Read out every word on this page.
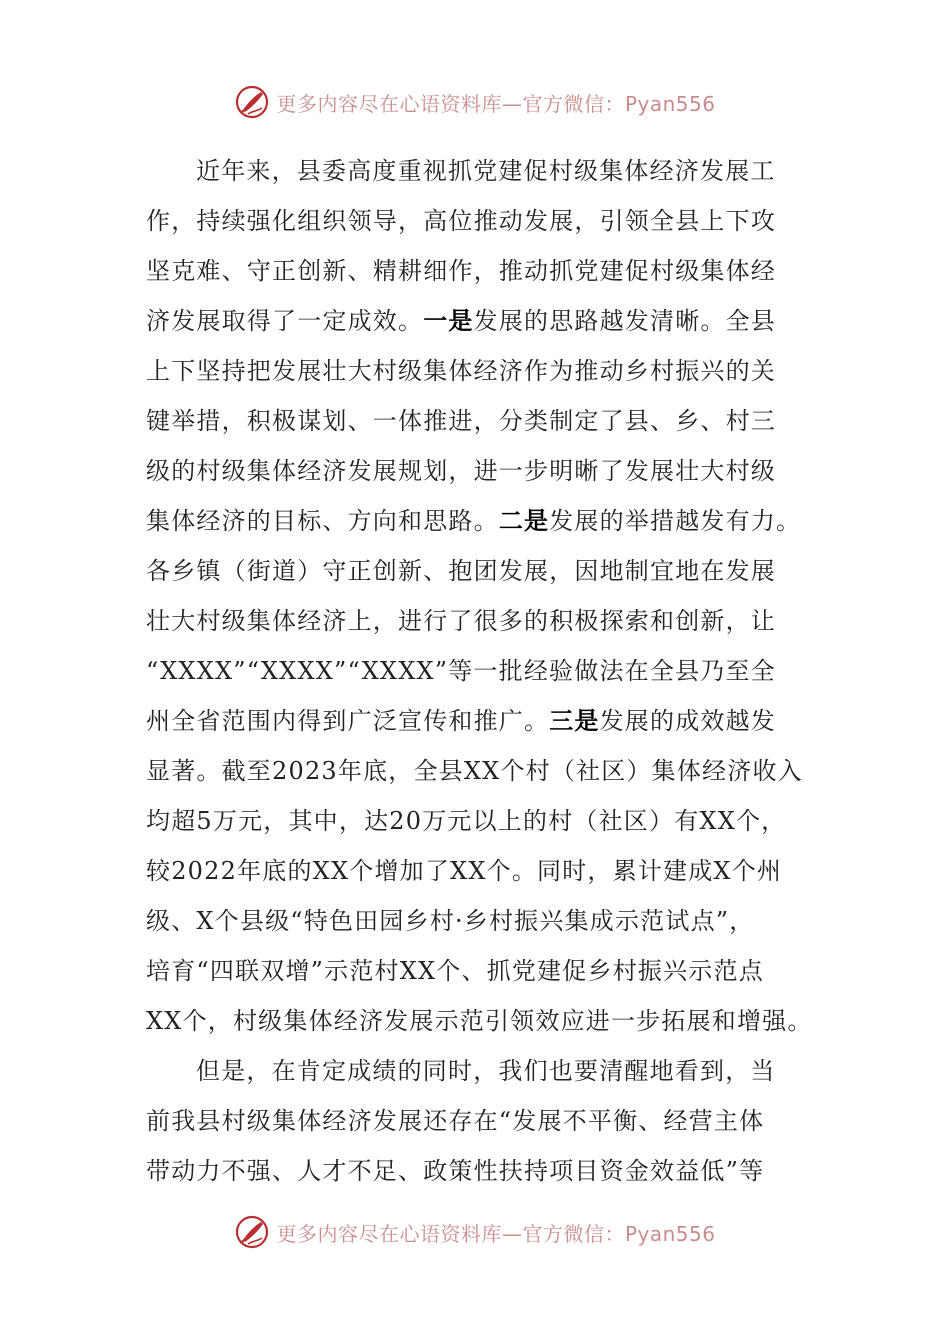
更多内容尽在心语资料库—官方微信：Pyan556
近年来，县委高度重视抓党建促村级集体经济发展工
作，持续强化组织领导，高位推动发展，引领全县上下攻
坚克难、守正创新、精耕细作，推动抓党建促村级集体经
济发展取得了一定成效。一是发展的思路越发清晰。全县
上下坚持把发展壮大村级集体经济作为推动乡村振兴的关
键举措，积极谋划、一体推进，分类制定了县、乡、村三
级的村级集体经济发展规划，进一步明晰了发展壮大村级
集体经济的目标、方向和思路。二是发展的举措越发有力。
各乡镇（街道）守正创新、抱团发展，因地制宜地在发展
壮大村级集体经济上，进行了很多的积极探索和创新，让
“XXXX”“XXXX”“XXXX”等一批经验做法在全县乃至全
州全省范围内得到广泛宣传和推广。三是发展的成效越发
显著。截至2023年底，全县XX个村（社区）集体经济收入
均超5万元，其中，达20万元以上的村（社区）有XX个，
较2022年底的XX个增加了XX个。同时，累计建成X个州
级、X个县级“特色田园乡村·乡村振兴集成示范试点”，
培育“四联双增”示范村XX个、抓党建促乡村振兴示范点
XX个，村级集体经济发展示范引领效应进一步拓展和增强。
但是，在肯定成绩的同时，我们也要清醒地看到，当
前我县村级集体经济发展还存在“发展不平衡、经营主体
带动力不强、人才不足、政策性扶持项目资金效益低”等
更多内容尽在心语资料库—官方微信：Pyan556
